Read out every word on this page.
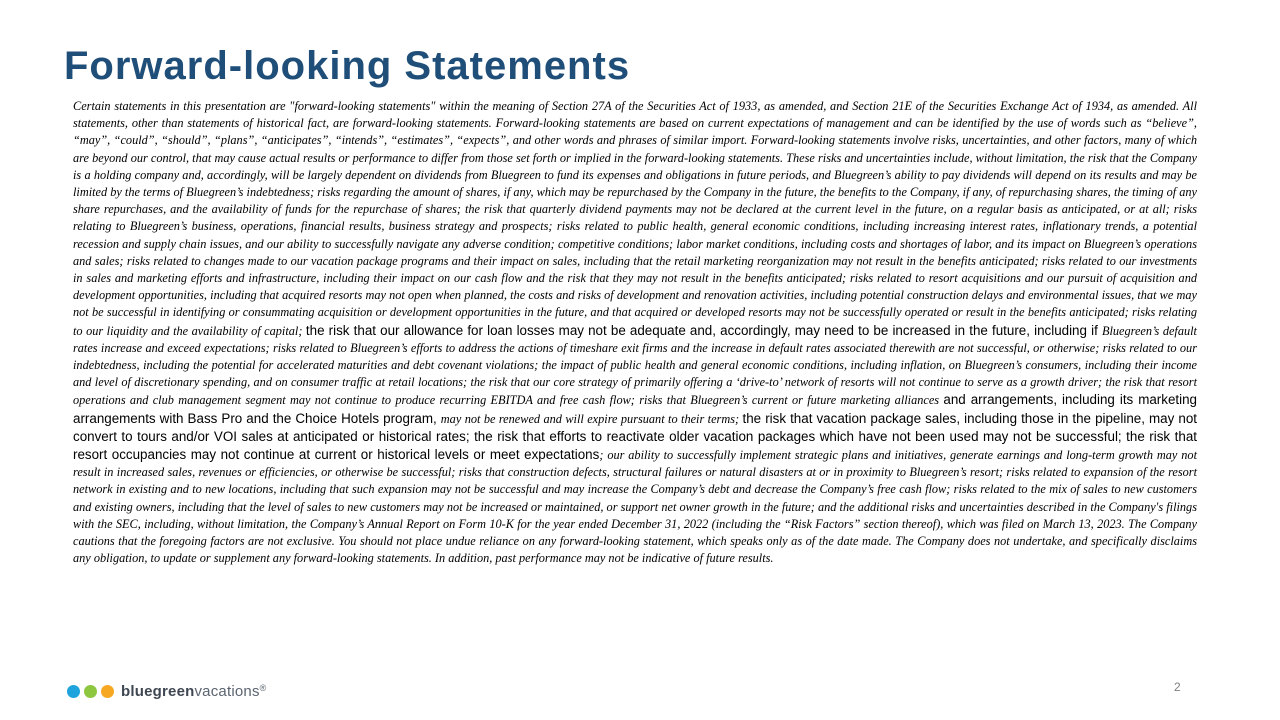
Forward-looking Statements

Certain statements in this presentation are "forward-looking statements" within the meaning of Section 27A of the Securities Act of 1933, as amended, and Section 21E of the Securities Exchange Act of 1934, as amended. All statements, other than statements of historical fact, are forward-looking statements. Forward-looking statements are based on current expectations of management and can be identified by the use of words such as “believe”, “may”, “could”, “should”, “plans”, “anticipates”, “intends”, “estimates”, “expects”, and other words and phrases of similar import. Forward-looking statements involve risks, uncertainties, and other factors, many of which are beyond our control, that may cause actual results or performance to differ from those set forth or implied in the forward-looking statements. These risks and uncertainties include, without limitation, the risk that the Company is a holding company and, accordingly, will be largely dependent on dividends from Bluegreen to fund its expenses and obligations in future periods, and Bluegreen’s ability to pay dividends will depend on its results and may be limited by the terms of Bluegreen’s indebtedness; risks regarding the amount of shares, if any, which may be repurchased by the Company in the future, the benefits to the Company, if any, of repurchasing shares, the timing of any share repurchases, and the availability of funds for the repurchase of shares; the risk that quarterly dividend payments may not be declared at the current level in the future, on a regular basis as anticipated, or at all; risks relating to Bluegreen’s business, operations, financial results, business strategy and prospects; risks related to public health, general economic conditions, including increasing interest rates, inflationary trends, a potential recession and supply chain issues, and our ability to successfully navigate any adverse condition; competitive conditions; labor market conditions, including costs and shortages of labor, and its impact on Bluegreen’s operations and sales; risks related to changes made to our vacation package programs and their impact on sales, including that the retail marketing reorganization may not result in the benefits anticipated; risks related to our investments in sales and marketing efforts and infrastructure, including their impact on our cash flow and the risk that they may not result in the benefits anticipated; risks related to resort acquisitions and our pursuit of acquisition and development opportunities, including that acquired resorts may not open when planned, the costs and risks of development and renovation activities, including potential construction delays and environmental issues, that we may not be successful in identifying or consummating acquisition or development opportunities in the future, and that acquired or developed resorts may not be successfully operated or result in the benefits anticipated; risks relating to our liquidity and the availability of capital; the risk that our allowance for loan losses may not be adequate and, accordingly, may need to be increased in the future, including if Bluegreen’s default rates increase and exceed expectations; risks related to Bluegreen’s efforts to address the actions of timeshare exit firms and the increase in default rates associated therewith are not successful, or otherwise; risks related to our indebtedness, including the potential for accelerated maturities and debt covenant violations; the impact of public health and general economic conditions, including inflation, on Bluegreen’s consumers, including their income and level of discretionary spending, and on consumer traffic at retail locations; the risk that our core strategy of primarily offering a ‘drive-to’ network of resorts will not continue to serve as a growth driver; the risk that resort operations and club management segment may not continue to produce recurring EBITDA and free cash flow; risks that Bluegreen’s current or future marketing alliances and arrangements, including its marketing arrangements with Bass Pro and the Choice Hotels program, may not be renewed and will expire pursuant to their terms; the risk that vacation package sales, including those in the pipeline, may not convert to tours and/or VOI sales at anticipated or historical rates; the risk that efforts to reactivate older vacation packages which have not been used may not be successful; the risk that resort occupancies may not continue at current or historical levels or meet expectations; our ability to successfully implement strategic plans and initiatives, generate earnings and long-term growth may not result in increased sales, revenues or efficiencies, or otherwise be successful; risks that construction defects, structural failures or natural disasters at or in proximity to Bluegreen’s resort; risks related to expansion of the resort network in existing and to new locations, including that such expansion may not be successful and may increase the Company’s debt and decrease the Company’s free cash flow; risks related to the mix of sales to new customers and existing owners, including that the level of sales to new customers may not be increased or maintained, or support net owner growth in the future; and the additional risks and uncertainties described in the Company's filings with the SEC, including, without limitation, the Company’s Annual Report on Form 10-K for the year ended December 31, 2022 (including the “Risk Factors” section thereof), which was filed on March 13, 2023. The Company cautions that the foregoing factors are not exclusive. You should not place undue reliance on any forward-looking statement, which speaks only as of the date made. The Company does not undertake, and specifically disclaims any obligation, to update or supplement any forward-looking statements. In addition, past performance may not be indicative of future results.

bluegreenvacations®	2
